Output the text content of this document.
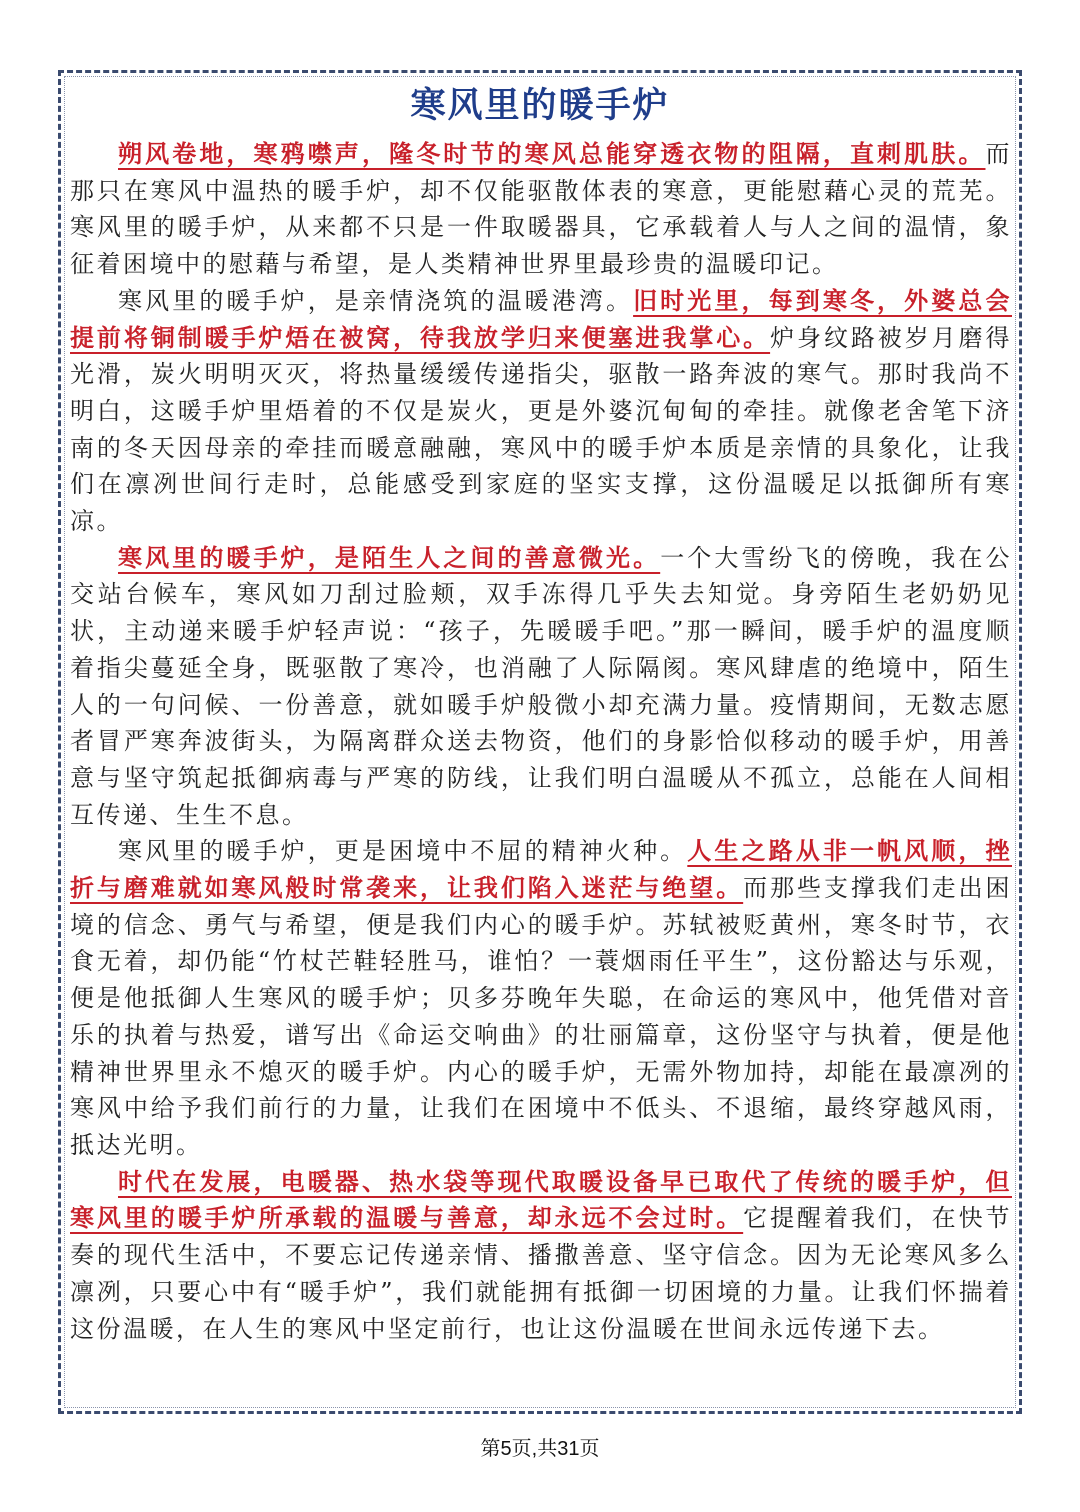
寒风里的暖手炉

朔风卷地，寒鸦噤声，隆冬时节的寒风总能穿透衣物的阻隔，直刺肌肤。而那只在寒风中温热的暖手炉，却不仅能驱散体表的寒意，更能慰藉心灵的荒芜。寒风里的暖手炉，从来都不只是一件取暖器具，它承载着人与人之间的温情，象征着困境中的慰藉与希望，是人类精神世界里最珍贵的温暖印记。

寒风里的暖手炉，是亲情浇筑的温暖港湾。旧时光里，每到寒冬，外婆总会提前将铜制暖手炉焐在被窝，待我放学归来便塞进我掌心。炉身纹路被岁月磨得光滑，炭火明明灭灭，将热量缓缓传递指尖，驱散一路奔波的寒气。那时我尚不明白，这暖手炉里焐着的不仅是炭火，更是外婆沉甸甸的牵挂。就像老舍笔下济南的冬天因母亲的牵挂而暖意融融，寒风中的暖手炉本质是亲情的具象化，让我们在凛冽世间行走时，总能感受到家庭的坚实支撑，这份温暖足以抵御所有寒凉。

寒风里的暖手炉，是陌生人之间的善意微光。一个大雪纷飞的傍晚，我在公交站台候车，寒风如刀刮过脸颊，双手冻得几乎失去知觉。身旁陌生老奶奶见状，主动递来暖手炉轻声说：“孩子，先暖暖手吧。”那一瞬间，暖手炉的温度顺着指尖蔓延全身，既驱散了寒冷，也消融了人际隔阂。寒风肆虐的绝境中，陌生人的一句问候、一份善意，就如暖手炉般微小却充满力量。疫情期间，无数志愿者冒严寒奔波街头，为隔离群众送去物资，他们的身影恰似移动的暖手炉，用善意与坚守筑起抵御病毒与严寒的防线，让我们明白温暖从不孤立，总能在人间相互传递、生生不息。

寒风里的暖手炉，更是困境中不屈的精神火种。人生之路从非一帆风顺，挫折与磨难就如寒风般时常袭来，让我们陷入迷茫与绝望。而那些支撑我们走出困境的信念、勇气与希望，便是我们内心的暖手炉。苏轼被贬黄州，寒冬时节，衣食无着，却仍能“竹杖芒鞋轻胜马，谁怕？一蓑烟雨任平生”，这份豁达与乐观，便是他抵御人生寒风的暖手炉；贝多芬晚年失聪，在命运的寒风中，他凭借对音乐的执着与热爱，谱写出《命运交响曲》的壮丽篇章，这份坚守与执着，便是他精神世界里永不熄灭的暖手炉。内心的暖手炉，无需外物加持，却能在最凛冽的寒风中给予我们前行的力量，让我们在困境中不低头、不退缩，最终穿越风雨，抵达光明。

时代在发展，电暖器、热水袋等现代取暖设备早已取代了传统的暖手炉，但寒风里的暖手炉所承载的温暖与善意，却永远不会过时。它提醒着我们，在快节奏的现代生活中，不要忘记传递亲情、播撒善意、坚守信念。因为无论寒风多么凛冽，只要心中有“暖手炉”，我们就能拥有抵御一切困境的力量。让我们怀揣着这份温暖，在人生的寒风中坚定前行，也让这份温暖在世间永远传递下去。

第5页,共31页
